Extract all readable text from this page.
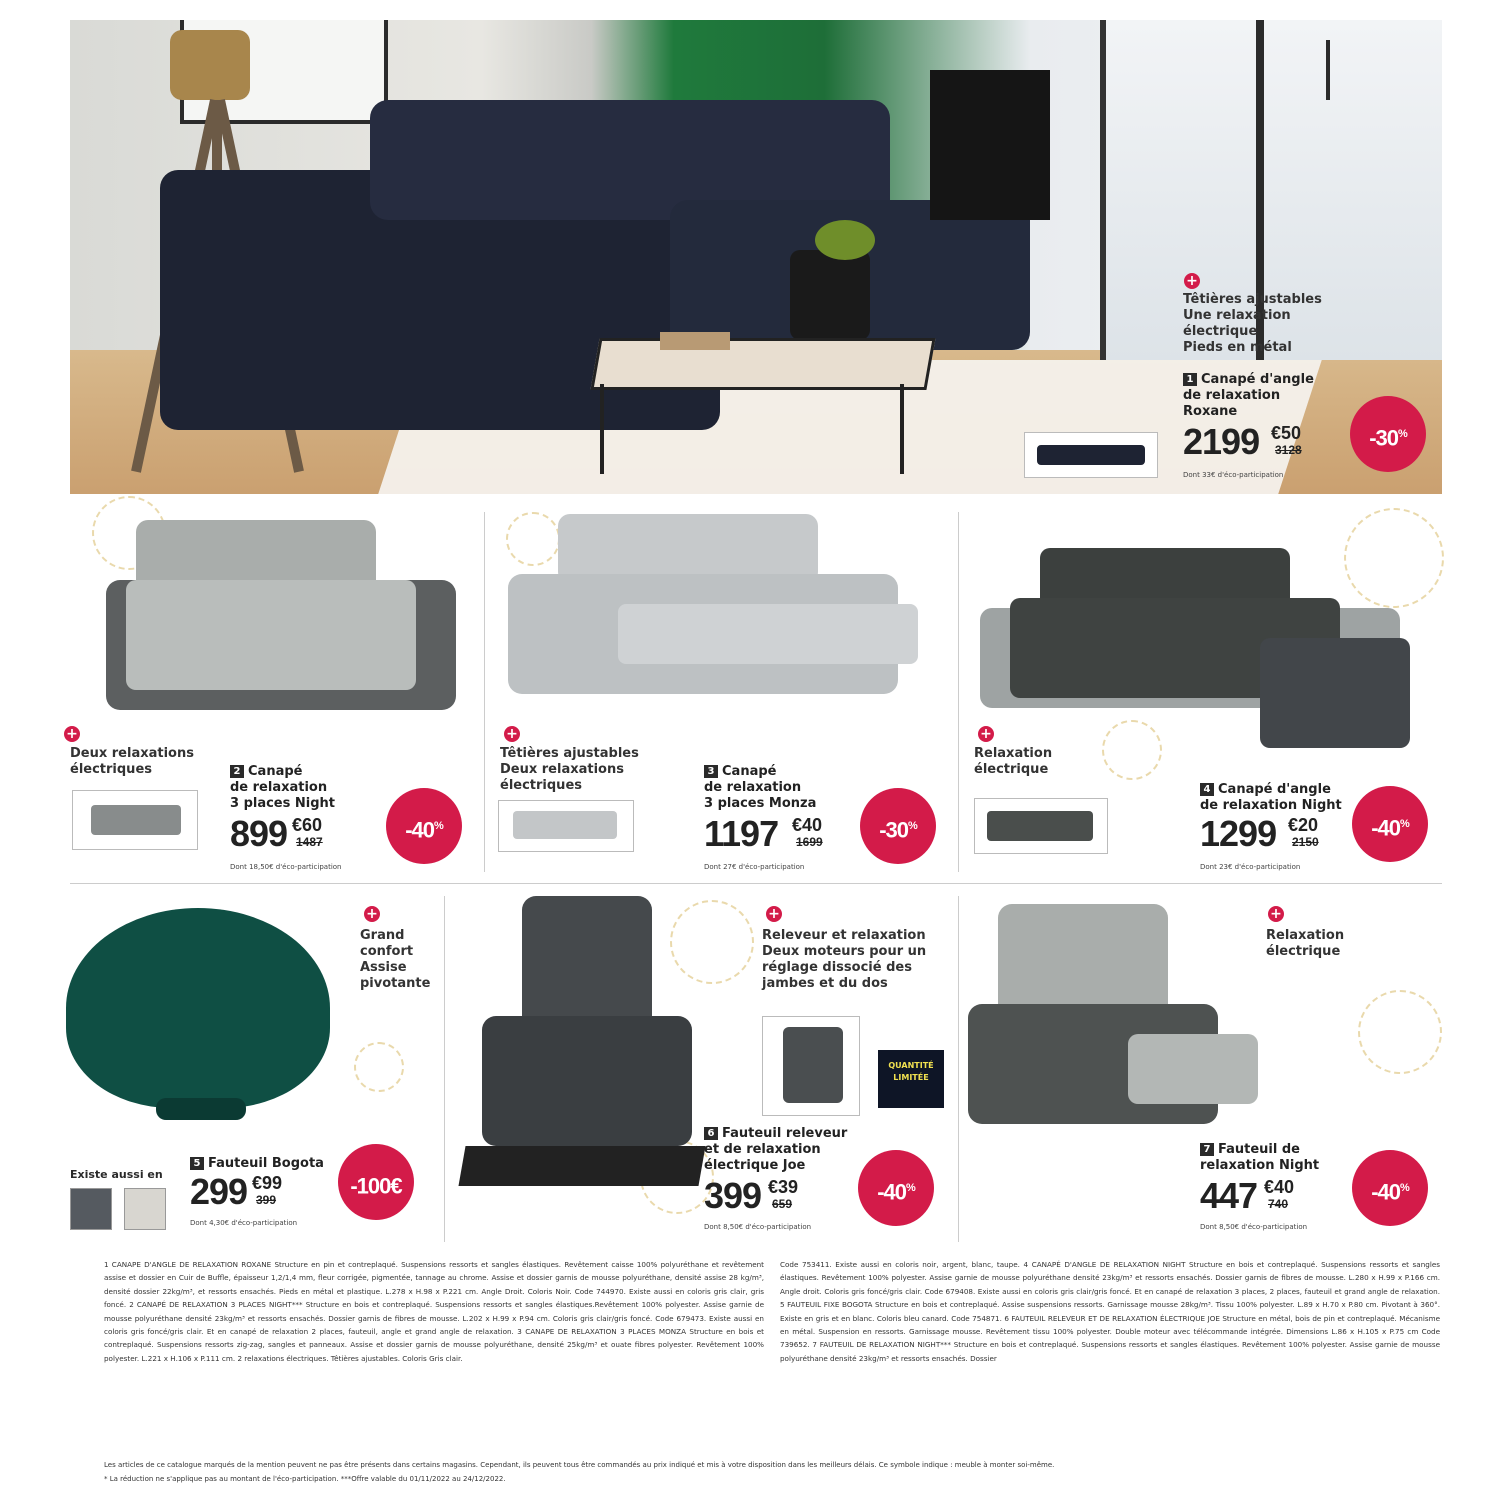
+
Têtières ajustables
Une relaxation
électrique
Pieds en métal
1 Canapé d'angle
de relaxation
Roxane
2199 €50
3128
Dont 33€ d'éco-participation
-30%
+
Deux relaxations
électriques	2 Canapé
de relaxation
3 places Night
899 €60
1487
Dont 18,50€ d'éco-participation
-40%
+
Têtières ajustables
Deux relaxations
électriques
3 Canapé
de relaxation
3 places Monza
1197 €40
1699
Dont 27€ d'éco-participation
-30%
+
Relaxation
électrique
4 Canapé d'angle
de relaxation Night
1299 €20
2150
Dont 23€ d'éco-participation
-40%
+
Grand
confort
Assise
pivotante
Existe aussi en
5 Fauteuil Bogota
299 €99
399
Dont 4,30€ d'éco-participation
-100€
+
Releveur et relaxation
Deux moteurs pour un
réglage dissocié des
jambes et du dos
QUANTITÉ
LIMITÉE
6 Fauteuil releveur
et de relaxation
électrique Joe
399 €39
659
Dont 8,50€ d'éco-participation
-40%
+
Relaxation
électrique
7 Fauteuil de
relaxation Night
447 €40
740
Dont 8,50€ d'éco-participation
-40%
1 CANAPE D'ANGLE DE RELAXATION ROXANE Structure en pin et contreplaqué. Suspensions ressorts et sangles élastiques. Revêtement caisse 100% polyuréthane et revêtement assise et dossier en Cuir de Buffle, épaisseur 1,2/1,4 mm, fleur corrigée, pigmentée, tannage au chrome. Assise et dossier garnis de mousse polyuréthane, densité assise 28 kg/m³, densité dossier 22kg/m³, et ressorts ensachés. Pieds en métal et plastique. L.278 x H.98 x P.221 cm. Angle Droit. Coloris Noir. Code 744970. Existe aussi en coloris gris clair, gris foncé. 2 CANAPÉ DE RELAXATION 3 PLACES NIGHT*** Structure en bois et contreplaqué. Suspensions ressorts et sangles élastiques.Revêtement 100% polyester. Assise garnie de mousse polyuréthane densité 23kg/m³ et ressorts ensachés. Dossier garnis de fibres de mousse. L.202 x H.99 x P.94 cm. Coloris gris clair/gris foncé. Code 679473. Existe aussi en coloris gris foncé/gris clair. Et en canapé de relaxation 2 places, fauteuil, angle et grand angle de relaxation. 3 CANAPE DE RELAXATION 3 PLACES MONZA Structure en bois et contreplaqué. Suspensions ressorts zig-zag, sangles et panneaux. Assise et dossier garnis de mousse polyuréthane, densité 25kg/m³ et ouate fibres polyester. Revêtement 100% polyester. L.221 x H.106 x P.111 cm. 2 relaxations électriques. Têtières ajustables. Coloris Gris clair.
Code 753411. Existe aussi en coloris noir, argent, blanc, taupe. 4 CANAPÉ D'ANGLE DE RELAXATION NIGHT Structure en bois et contreplaqué. Suspensions ressorts et sangles élastiques. Revêtement 100% polyester. Assise garnie de mousse polyuréthane densité 23kg/m³ et ressorts ensachés. Dossier garnis de fibres de mousse. L.280 x H.99 x P.166 cm. Angle droit. Coloris gris foncé/gris clair. Code 679408. Existe aussi en coloris gris clair/gris foncé. Et en canapé de relaxation 3 places, 2 places, fauteuil et grand angle de relaxation. 5 FAUTEUIL FIXE BOGOTA Structure en bois et contreplaqué. Assise suspensions ressorts. Garnissage mousse 28kg/m³. Tissu 100% polyester. L.89 x H.70 x P.80 cm. Pivotant à 360°. Existe en gris et en blanc. Coloris bleu canard. Code 754871. 6 FAUTEUIL RELEVEUR ET DE RELAXATION ÉLECTRIQUE JOE Structure en métal, bois de pin et contreplaqué. Mécanisme en métal. Suspension en ressorts. Garnissage mousse. Revêtement tissu 100% polyester. Double moteur avec télécommande intégrée. Dimensions L.86 x H.105 x P.75 cm Code 739652. 7 FAUTEUIL DE RELAXATION NIGHT*** Structure en bois et contreplaqué. Suspensions ressorts et sangles élastiques. Revêtement 100% polyester. Assise garnie de mousse polyuréthane densité 23kg/m³ et ressorts ensachés. Dossier
Les articles de ce catalogue marqués de la mention peuvent ne pas être présents dans certains magasins. Cependant, ils peuvent tous être commandés au prix indiqué et mis à votre disposition dans les meilleurs délais. Ce symbole indique : meuble à monter soi-même.
* La réduction ne s'applique pas au montant de l'éco-participation. ***Offre valable du 01/11/2022 au 24/12/2022.
